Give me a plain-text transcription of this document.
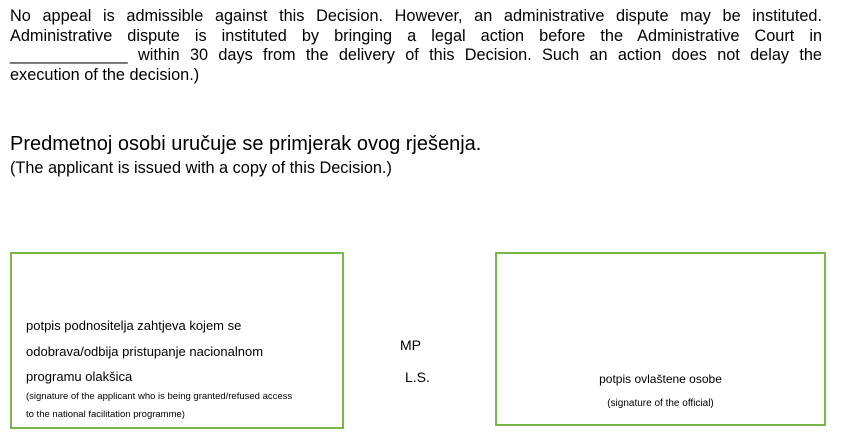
No appeal is admissible against this Decision. However, an administrative dispute may be instituted.
Administrative dispute is instituted by bringing a legal action before the Administrative Court in
_____________ within 30 days from the delivery of this Decision. Such an action does not delay the
execution of the decision.)
Predmetnoj osobi uručuje se primjerak ovog rješenja.
(The applicant is issued with a copy of this Decision.)
potpis podnositelja zahtjeva kojem se
odobrava/odbija pristupanje nacionalnom
programu olakšica
(signature of the applicant who is being granted/refused access
to the national facilitation programme)
MP
L.S.	potpis ovlaštene osobe
(signature of the official)
